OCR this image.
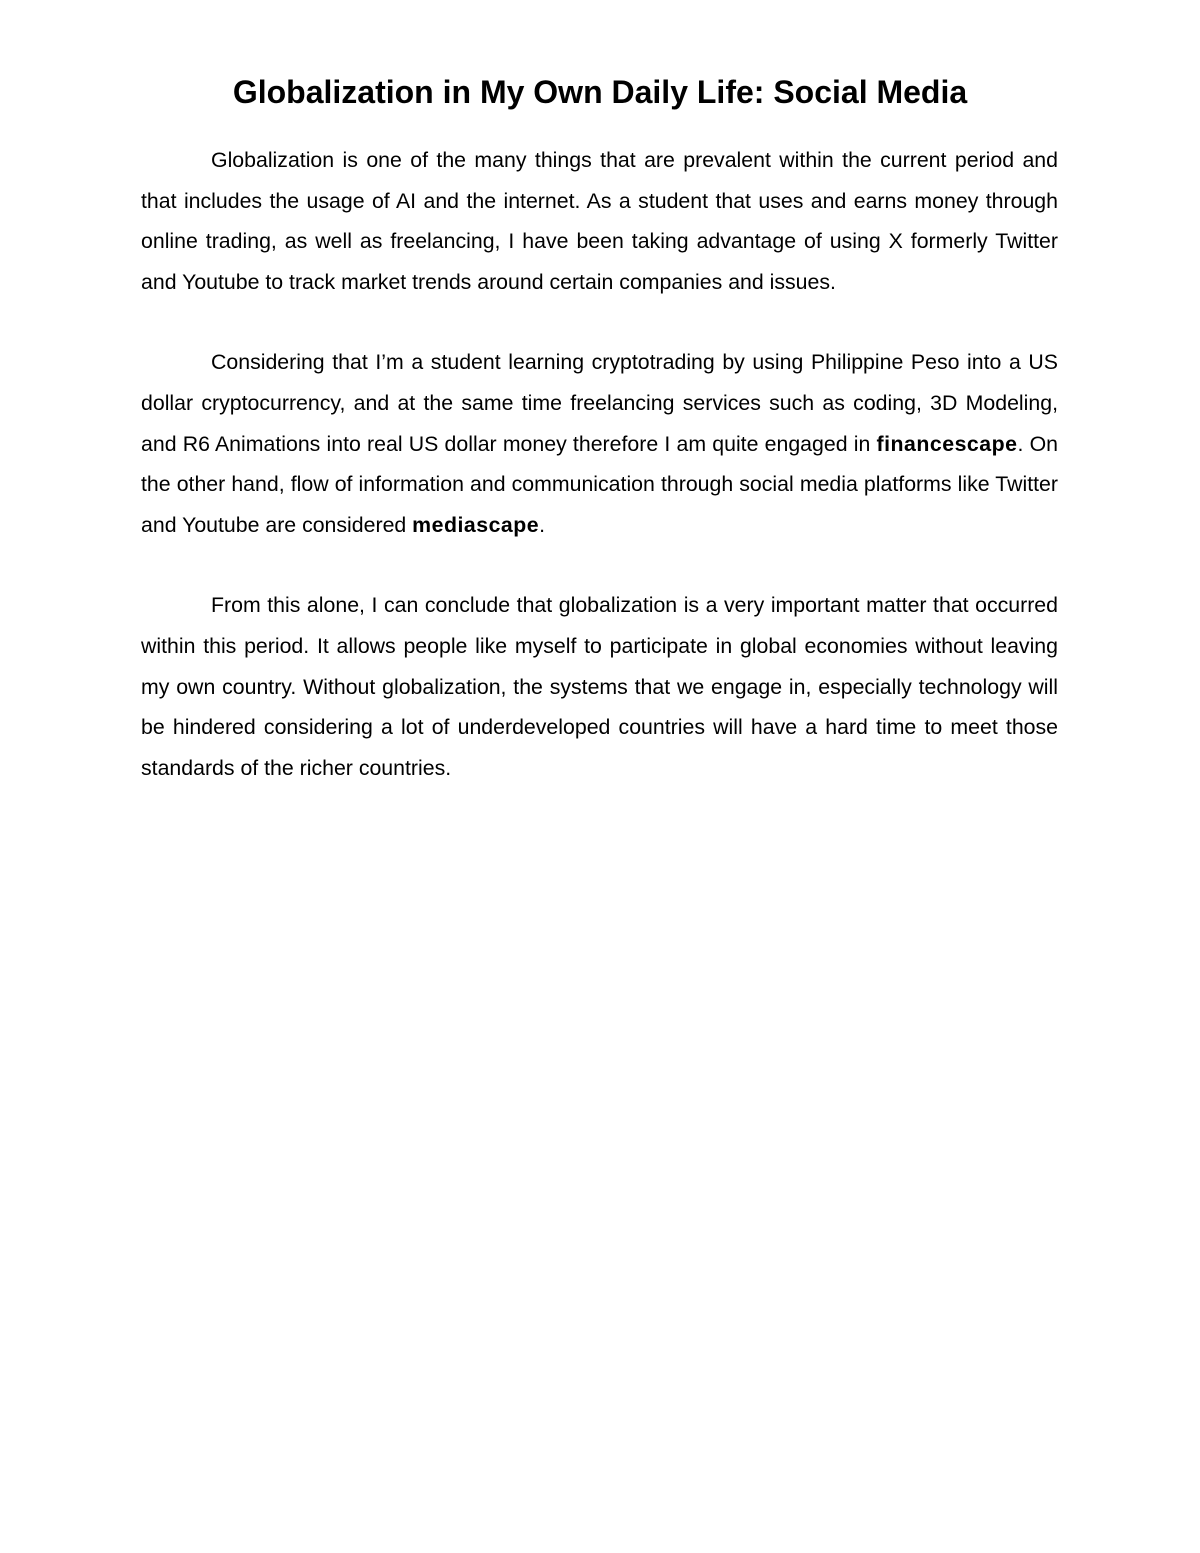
Globalization in My Own Daily Life: Social Media

Globalization is one of the many things that are prevalent within the current period and that includes the usage of AI and the internet. As a student that uses and earns money through online trading, as well as freelancing, I have been taking advantage of using X formerly Twitter and Youtube to track market trends around certain companies and issues.

Considering that I’m a student learning cryptotrading by using Philippine Peso into a US dollar cryptocurrency, and at the same time freelancing services such as coding, 3D Modeling, and R6 Animations into real US dollar money therefore I am quite engaged in financescape. On the other hand, flow of information and communication through social media platforms like Twitter and Youtube are considered mediascape.

From this alone, I can conclude that globalization is a very important matter that occurred within this period. It allows people like myself to participate in global economies without leaving my own country. Without globalization, the systems that we engage in, especially technology will be hindered considering a lot of underdeveloped countries will have a hard time to meet those standards of the richer countries.
